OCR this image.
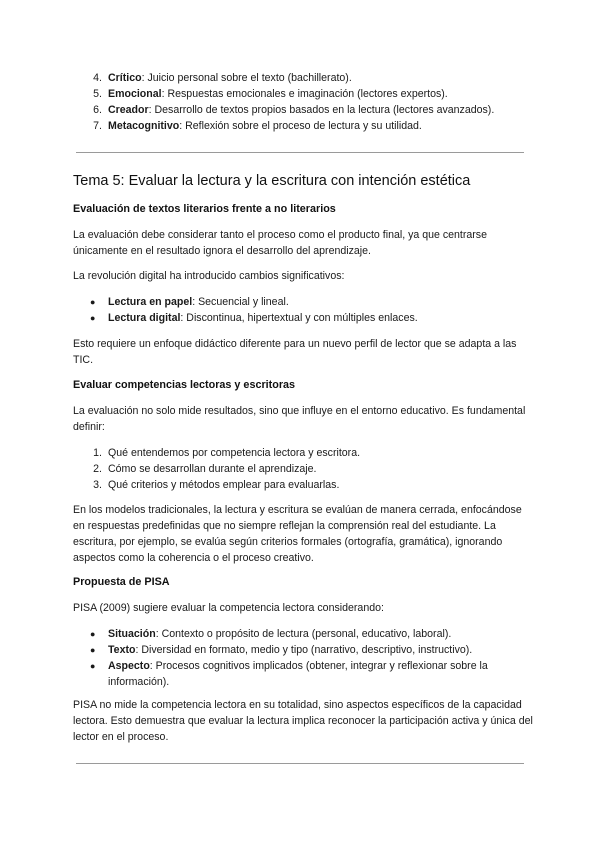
4. Crítico: Juicio personal sobre el texto (bachillerato).
5. Emocional: Respuestas emocionales e imaginación (lectores expertos).
6. Creador: Desarrollo de textos propios basados en la lectura (lectores avanzados).
7. Metacognitivo: Reflexión sobre el proceso de lectura y su utilidad.
Tema 5: Evaluar la lectura y la escritura con intención estética
Evaluación de textos literarios frente a no literarios

La evaluación debe considerar tanto el proceso como el producto final, ya que centrarse únicamente en el resultado ignora el desarrollo del aprendizaje.

La revolución digital ha introducido cambios significativos:

● Lectura en papel: Secuencial y lineal.
● Lectura digital: Discontinua, hipertextual y con múltiples enlaces.

Esto requiere un enfoque didáctico diferente para un nuevo perfil de lector que se adapta a las TIC.

Evaluar competencias lectoras y escritoras

La evaluación no solo mide resultados, sino que influye en el entorno educativo. Es fundamental definir:

1. Qué entendemos por competencia lectora y escritora.
2. Cómo se desarrollan durante el aprendizaje.
3. Qué criterios y métodos emplear para evaluarlas.

En los modelos tradicionales, la lectura y escritura se evalúan de manera cerrada, enfocándose en respuestas predefinidas que no siempre reflejan la comprensión real del estudiante. La escritura, por ejemplo, se evalúa según criterios formales (ortografía, gramática), ignorando aspectos como la coherencia o el proceso creativo.

Propuesta de PISA

PISA (2009) sugiere evaluar la competencia lectora considerando:

● Situación: Contexto o propósito de lectura (personal, educativo, laboral).
● Texto: Diversidad en formato, medio y tipo (narrativo, descriptivo, instructivo).
● Aspecto: Procesos cognitivos implicados (obtener, integrar y reflexionar sobre la información).

PISA no mide la competencia lectora en su totalidad, sino aspectos específicos de la capacidad lectora. Esto demuestra que evaluar la lectura implica reconocer la participación activa y única del lector en el proceso.
